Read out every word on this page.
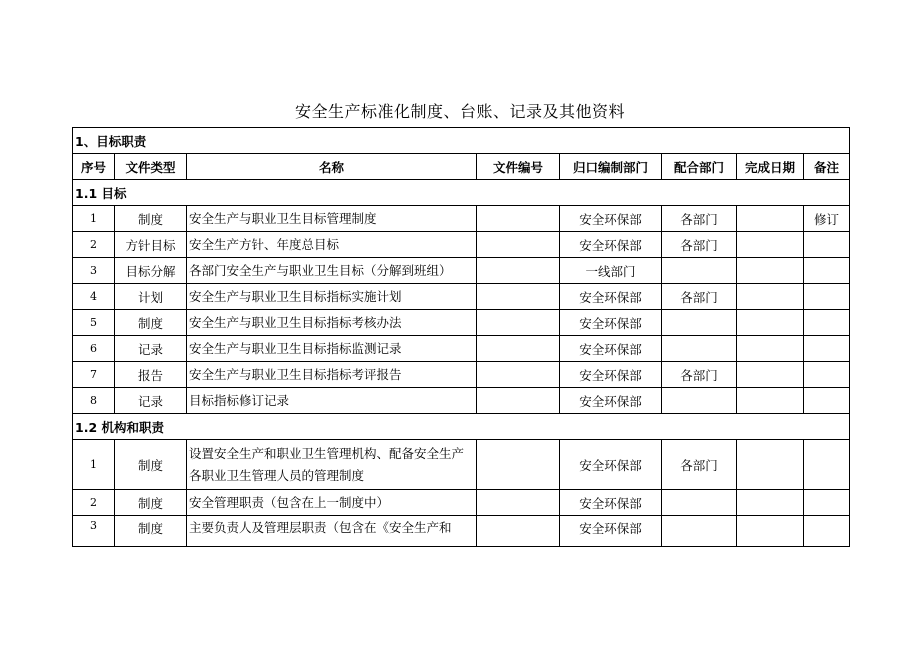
安全生产标准化制度、台账、记录及其他资料
1、目标职责							
序号	文件类型	名称	文件编号	归口编制部门	配合部门	完成日期	备注
1.1 目标							
1	制度	安全生产与职业卫生目标管理制度		安全环保部	各部门		修订
2	方针目标	安全生产方针、年度总目标		安全环保部	各部门		
3	目标分解	各部门安全生产与职业卫生目标（分解到班组）		一线部门			
4	计划	安全生产与职业卫生目标指标实施计划		安全环保部	各部门		
5	制度	安全生产与职业卫生目标指标考核办法		安全环保部			
6	记录	安全生产与职业卫生目标指标监测记录		安全环保部			
7	报告	安全生产与职业卫生目标指标考评报告		安全环保部	各部门		
8	记录	目标指标修订记录		安全环保部			
1.2 机构和职责							
1	制度	设置安全生产和职业卫生管理机构、配备安全生产
各职业卫生管理人员的管理制度		安全环保部	各部门		
2	制度	安全管理职责（包含在上一制度中）		安全环保部			
3	制度	主要负责人及管理层职责（包含在《安全生产和		安全环保部			
